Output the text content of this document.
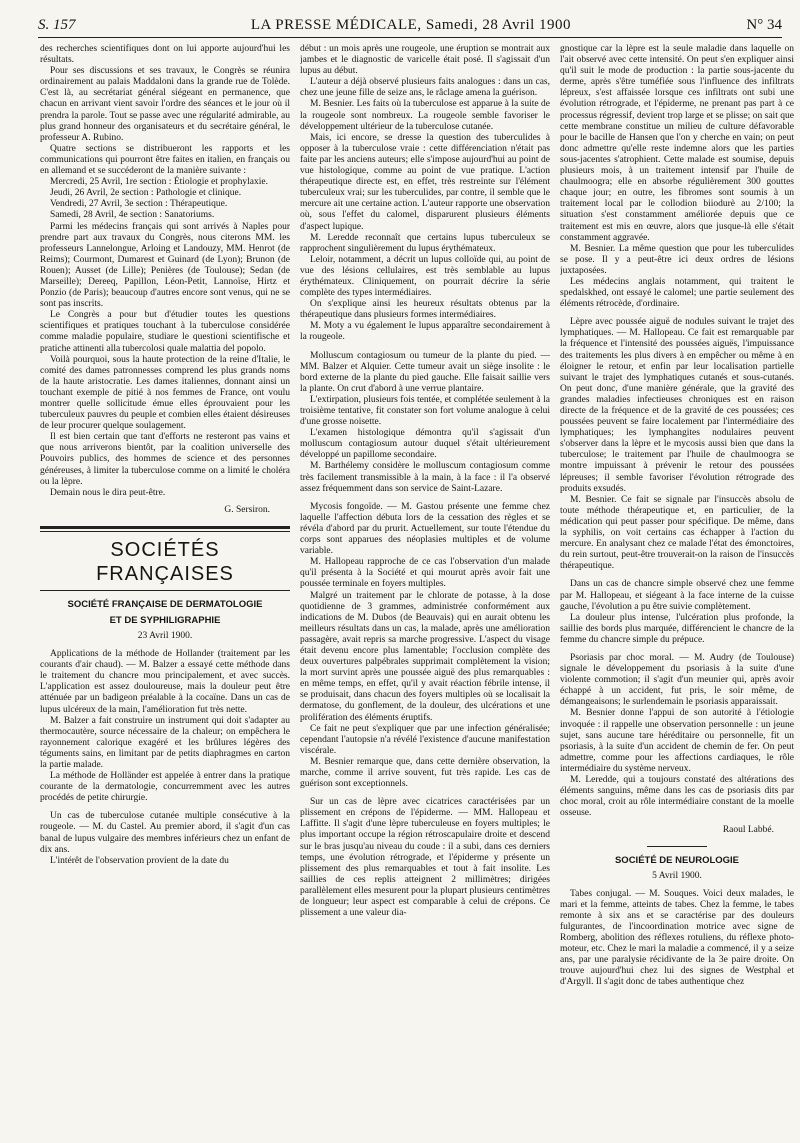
S. 157	LA PRESSE MÉDICALE, Samedi, 28 Avril 1900	N° 34

des recherches scientifiques dont on lui apporte aujourd'hui les résultats.

Pour ses discussions et ses travaux, le Congrès se réunira ordinairement au palais Maddaloni dans la grande rue de Tolède. C'est là, au secrétariat général siégeant en permanence, que chacun en arrivant vient savoir l'ordre des séances et le jour où il prendra la parole. Tout se passe avec une régularité admirable, au plus grand honneur des organisateurs et du secrétaire général, le professeur A. Rubino.

Quatre sections se distribueront les rapports et les communications qui pourront être faites en italien, en français ou en allemand et se succéderont de la manière suivante :

Mercredi, 25 Avril, 1re section : Étiologie et prophylaxie.

Jeudi, 26 Avril, 2e section : Pathologie et clinique.

Vendredi, 27 Avril, 3e section : Thérapeutique.

Samedi, 28 Avril, 4e section : Sanatoriums.

Parmi les médecins français qui sont arrivés à Naples pour prendre part aux travaux du Congrès, nous citerons MM. les professeurs Lannelongue, Arloing et Landouzy, MM. Henrot (de Reims); Courmont, Dumarest et Guinard (de Lyon); Brunon (de Rouen); Ausset (de Lille); Penières (de Toulouse); Sedan (de Marseille); Dereeq, Papillon, Léon-Petit, Lannoïse, Hirtz et Ponzio (de Paris); beaucoup d'autres encore sont venus, qui ne se sont pas inscrits.

Le Congrès a pour but d'étudier toutes les questions scientifiques et pratiques touchant à la tuberculose considérée comme maladie populaire, studiare le questioni scientifische et pratiche attinenti alla tubercolosi quale malattia del popolo.

Voilà pourquoi, sous la haute protection de la reine d'Italie, le comité des dames patronnesses comprend les plus grands noms de la haute aristocratie. Les dames italiennes, donnant ainsi un touchant exemple de pitié à nos femmes de France, ont voulu montrer quelle sollicitude émue elles éprouvaient pour les tuberculeux pauvres du peuple et combien elles étaient désireuses de leur procurer quelque soulagement.

Il est bien certain que tant d'efforts ne resteront pas vains et que nous arriverons bientôt, par la coalition universelle des Pouvoirs publics, des hommes de science et des personnes généreuses, à limiter la tuberculose comme on a limité le choléra ou la lèpre.

Demain nous le dira peut-être.

G. Sersiron.

SOCIÉTÉS FRANÇAISES
SOCIÉTÉ FRANÇAISE DE DERMATOLOGIE
ET DE SYPHILIGRAPHIE
23 Avril 1900.

Applications de la méthode de Hollander (traitement par les courants d'air chaud). — M. Balzer a essayé cette méthode dans le traitement du chancre mou principalement, et avec succès. L'application est assez douloureuse, mais la douleur peut être atténuée par un badigeon préalable à la cocaïne. Dans un cas de lupus ulcéreux de la main, l'amélioration fut très nette.

M. Balzer a fait construire un instrument qui doit s'adapter au thermocautère, source nécessaire de la chaleur; on empêchera le rayonnement calorique exagéré et les brûlures légères des téguments sains, en limitant par de petits diaphragmes en carton la partie malade.

La méthode de Holländer est appelée à entrer dans la pratique courante de la dermatologie, concurremment avec les autres procédés de petite chirurgie.

Un cas de tuberculose cutanée multiple consécutive à la rougeole. — M. du Castel. Au premier abord, il s'agit d'un cas banal de lupus vulgaire des membres inférieurs chez un enfant de dix ans.

L'intérêt de l'observation provient de la date du

début : un mois après une rougeole, une éruption se montrait aux jambes et le diagnostic de varicelle était posé. Il s'agissait d'un lupus au début.

L'auteur a déjà observé plusieurs faits analogues : dans un cas, chez une jeune fille de seize ans, le râclage amena la guérison.

M. Besnier. Les faits où la tuberculose est apparue à la suite de la rougeole sont nombreux. La rougeole semble favoriser le développement ultérieur de la tuberculose cutanée.

Mais, ici encore, se dresse la question des tuberculides à opposer à la tuberculose vraie : cette différenciation n'était pas faite par les anciens auteurs; elle s'impose aujourd'hui au point de vue histologique, comme au point de vue pratique. L'action thérapeutique directe est, en effet, très restreinte sur l'élément tuberculeux vrai; sur les tuberculides, par contre, il semble que le mercure ait une certaine action. L'auteur rapporte une observation où, sous l'effet du calomel, disparurent plusieurs éléments d'aspect lupique.

M. Leredde reconnaît que certains lupus tuberculeux se rapprochent singulièrement du lupus érythémateux.

Leloir, notamment, a décrit un lupus colloïde qui, au point de vue des lésions cellulaires, est très semblable au lupus érythémateux. Cliniquement, on pourrait décrire la série complète des types intermédiaires.

On s'explique ainsi les heureux résultats obtenus par la thérapeutique dans plusieurs formes intermédiaires.

M. Moty a vu également le lupus apparaître secondairement à la rougeole.

Molluscum contagiosum ou tumeur de la plante du pied. — MM. Balzer et Alquier. Cette tumeur avait un siège insolite : le bord externe de la plante du pied gauche. Elle faisait saillie vers la plante. On crut d'abord à une verrue plantaire.

L'extirpation, plusieurs fois tentée, et complétée seulement à la troisième tentative, fit constater son fort volume analogue à celui d'une grosse noisette.

L'examen histologique démontra qu'il s'agissait d'un molluscum contagiosum autour duquel s'était ultérieurement développé un papillome secondaire.

M. Barthélemy considère le molluscum contagiosum comme très facilement transmissible à la main, à la face : il l'a observé assez fréquemment dans son service de Saint-Lazare.

Mycosis fongoïde. — M. Gastou présente une femme chez laquelle l'affection débuta lors de la cessation des règles et se révéla d'abord par du prurit. Actuellement, sur toute l'étendue du corps sont apparues des néoplasies multiples et de volume variable.

M. Hallopeau rapproche de ce cas l'observation d'un malade qu'il présenta à la Société et qui mourut après avoir fait une poussée terminale en foyers multiples.

Malgré un traitement par le chlorate de potasse, à la dose quotidienne de 3 grammes, administrée conformément aux indications de M. Dubos (de Beauvais) qui en aurait obtenu les meilleurs résultats dans un cas, la malade, après une amélioration passagère, avait repris sa marche progressive. L'aspect du visage était devenu encore plus lamentable; l'occlusion complète des deux ouvertures palpébrales supprimait complètement la vision; la mort survint après une poussée aiguë des plus remarquables : en même temps, en effet, qu'il y avait réaction fébrile intense, il se produisait, dans chacun des foyers multiples où se localisait la dermatose, du gonflement, de la douleur, des ulcérations et une prolifération des éléments éruptifs.

Ce fait ne peut s'expliquer que par une infection généralisée; cependant l'autopsie n'a révélé l'existence d'aucune manifestation viscérale.

M. Besnier remarque que, dans cette dernière observation, la marche, comme il arrive souvent, fut très rapide. Les cas de guérison sont exceptionnels.

Sur un cas de lèpre avec cicatrices caractérisées par un plissement en crépons de l'épiderme. — MM. Hallopeau et Laffitte. Il s'agit d'une lèpre tuberculeuse en foyers multiples; le plus important occupe la région rétroscapulaire droite et descend sur le bras jusqu'au niveau du coude : il a subi, dans ces derniers temps, une évolution rétrograde, et l'épiderme y présente un plissement des plus remarquables et tout à fait insolite. Les saillies de ces replis atteignent 2 millimètres; dirigées parallèlement elles mesurent pour la plupart plusieurs centimètres de longueur; leur aspect est comparable à celui de crépons. Ce plissement a une valeur dia-

gnostique car la lèpre est la seule maladie dans laquelle on l'ait observé avec cette intensité. On peut s'en expliquer ainsi qu'il suit le mode de production : la partie sous-jacente du derme, après s'être tuméfiée sous l'influence des infiltrats lépreux, s'est affaissée lorsque ces infiltrats ont subi une évolution rétrograde, et l'épiderme, ne prenant pas part à ce processus régressif, devient trop large et se plisse; on sait que cette membrane constitue un milieu de culture défavorable pour le bacille de Hansen que l'on y cherche en vain; on peut donc admettre qu'elle reste indemne alors que les parties sous-jacentes s'atrophient. Cette malade est soumise, depuis plusieurs mois, à un traitement intensif par l'huile de chaulmoogra; elle en absorbe régulièrement 300 gouttes chaque jour; en outre, les fibromes sont soumis à un traitement local par le collodion biiodurè au 2/100; la situation s'est constamment améliorée depuis que ce traitement est mis en œuvre, alors que jusque-là elle s'était constamment aggravée.

M. Besnier. La même question que pour les tuberculides se pose. Il y a peut-être ici deux ordres de lésions juxtaposées.

Les médecins anglais notamment, qui traitent le spedalskhed, ont essayé le calomel; une partie seulement des éléments rétrocède, d'ordinaire.

Lèpre avec poussée aiguë de nodules suivant le trajet des lymphatiques. — M. Hallopeau. Ce fait est remarquable par la fréquence et l'intensité des poussées aiguës, l'impuissance des traitements les plus divers à en empêcher ou même à en éloigner le retour, et enfin par leur localisation partielle suivant le trajet des lymphatiques cutanés et sous-cutanés. On peut donc, d'une manière générale, que la gravité des grandes maladies infectieuses chroniques est en raison directe de la fréquence et de la gravité de ces poussées; ces poussées peuvent se faire localement par l'intermédiaire des lymphatiques; les lymphangites nodulaires peuvent s'observer dans la lèpre et le mycosis aussi bien que dans la tuberculose; le traitement par l'huile de chaulmoogra se montre impuissant à prévenir le retour des poussées lépreuses; il semble favoriser l'évolution rétrograde des produits exsudés.

M. Besnier. Ce fait se signale par l'insuccès absolu de toute méthode thérapeutique et, en particulier, de la médication qui peut passer pour spécifique. De même, dans la syphilis, on voit certains cas échapper à l'action du mercure. En analysant chez ce malade l'état des émonctoires, du rein surtout, peut-être trouverait-on la raison de l'insuccès thérapeutique.

Dans un cas de chancre simple observé chez une femme par M. Hallopeau, et siégeant à la face interne de la cuisse gauche, l'évolution a pu être suivie complètement.

La douleur plus intense, l'ulcération plus profonde, la saillie des bords plus marquée, différencient le chancre de la femme du chancre simple du prépuce.

Psoriasis par choc moral. — M. Audry (de Toulouse) signale le développement du psoriasis à la suite d'une violente commotion; il s'agit d'un meunier qui, après avoir échappé à un accident, fut pris, le soir même, de démangeaisons; le surlendemain le psoriasis apparaissait.

M. Besnier donne l'appui de son autorité à l'étiologie invoquée : il rappelle une observation personnelle : un jeune sujet, sans aucune tare héréditaire ou personnelle, fit un psoriasis, à la suite d'un accident de chemin de fer. On peut admettre, comme pour les affections cardiaques, le rôle intermédiaire du système nerveux.

M. Leredde, qui a toujours constaté des altérations des éléments sanguins, même dans les cas de psoriasis dits par choc moral, croit au rôle intermédiaire constant de la moelle osseuse.

Raoul Labbé.

SOCIÉTÉ DE NEUROLOGIE
5 Avril 1900.

Tabes conjugal. — M. Souques. Voici deux malades, le mari et la femme, atteints de tabes. Chez la femme, le tabes remonte à six ans et se caractérise par des douleurs fulgurantes, de l'incoordination motrice avec signe de Romberg, abolition des réflexes rotuliens, du réflexe photo-moteur, etc. Chez le mari la maladie a commencé, il y a seize ans, par une paralysie récidivante de la 3e paire droite. On trouve aujourd'hui chez lui des signes de Westphal et d'Argyll. Il s'agit donc de tabes authentique chez
